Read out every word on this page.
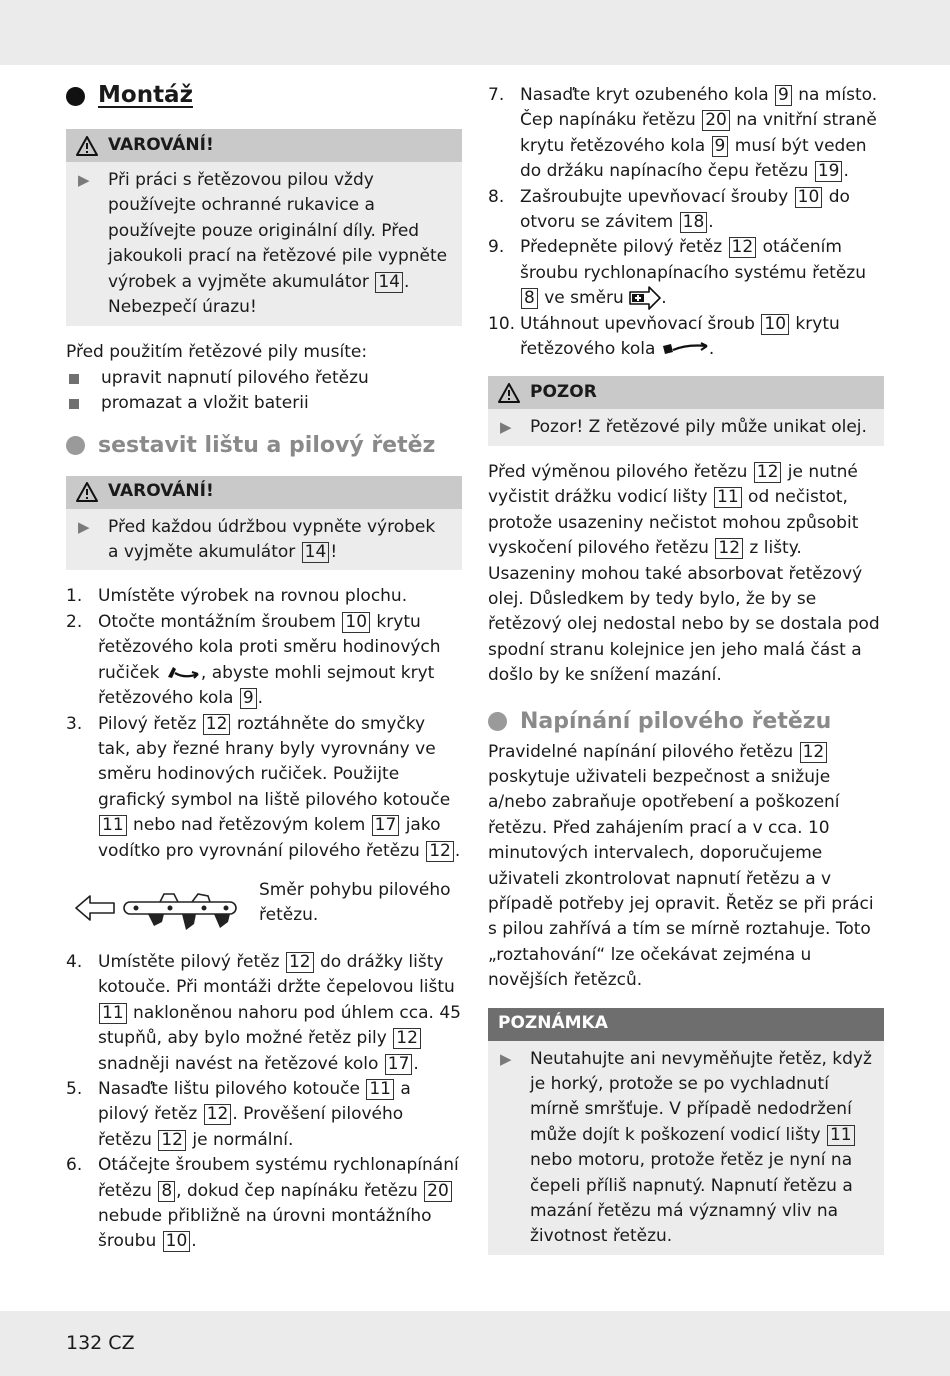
Montáž
VAROVÁNÍ!
▶	Při práci s řetězovou pilou vždy používejte ochranné rukavice a používejte pouze originální díly. Před jakoukoli prací na řetězové pile vypněte výrobek a vyjměte akumulátor 14 . Nebezpečí úrazu!

Před použitím řetězové pily musíte:

upravit napnutí pilového řetězu
promazat a vložit baterii
sestavit lištu a pilový řetěz
VAROVÁNÍ!
▶	Před každou údržbou vypněte výrobek a vyjměte akumulátor 14 !
1. Umístěte výrobek na rovnou plochu.
2. Otočte montážním šroubem 10 krytu řetězového kola proti směru hodinových ručiček , abyste mohli sejmout kryt řetězového kola 9 .
3. Pilový řetěz 12 roztáhněte do smyčky tak, aby řezné hrany byly vyrovnány ve směru hodinových ručiček. Použijte grafický symbol na liště pilového kotouče 11 nebo nad řetězovým kolem 17 jako vodítko pro vyrovnání pilového řetězu 12 .
Směr pohybu pilového řetězu.
4. Umístěte pilový řetěz 12 do drážky lišty kotouče. Při montáži držte čepelovou lištu 11 nakloněnou nahoru pod úhlem cca. 45 stupňů, aby bylo možné řetěz pily 12 snadněji navést na řetězové kolo 17 .
5. Nasaďte lištu pilového kotouče 11 a pilový řetěz 12 . Prověšení pilového řetězu 12 je normální.
6. Otáčejte šroubem systému rychlonapínání řetězu 8 , dokud čep napínáku řetězu 20 nebude přibližně na úrovni montážního šroubu 10 .
7. Nasaďte kryt ozubeného kola 9 na místo. Čep napínáku řetězu 20 na vnitřní straně krytu řetězového kola 9 musí být veden do držáku napínacího čepu řetězu 19 .
8. Zašroubujte upevňovací šrouby 10 do otvoru se závitem 18 .
9. Předepněte pilový řetěz 12 otáčením šroubu rychlonapínacího systému řetězu 8 ve směru .
10. Utáhnout upevňovací šroub 10 krytu řetězového kola	.
POZOR
▶	Pozor! Z řetězové pily může unikat olej.

Před výměnou pilového řetězu 12 je nutné vyčistit drážku vodicí lišty 11 od nečistot, protože usazeniny nečistot mohou způsobit vyskočení pilového řetězu 12 z lišty. Usazeniny mohou také absorbovat řetězový olej. Důsledkem by tedy bylo, že by se řetězový olej nedostal nebo by se dostala pod spodní stranu kolejnice jen jeho malá část a došlo by ke snížení mazání.

Napínání pilového řetězu

Pravidelné napínání pilového řetězu 12 poskytuje uživateli bezpečnost a snižuje a/nebo zabraňuje opotřebení a poškození řetězu. Před zahájením prací a v cca. 10 minutových intervalech, doporučujeme uživateli zkontrolovat napnutí řetězu a v případě potřeby jej opravit. Řetěz se při práci s pilou zahřívá a tím se mírně roztahuje. Toto „roztahování“ lze očekávat zejména u novějších řetězců.

POZNÁMKA
▶	Neutahujte ani nevyměňujte řetěz, když je horký, protože se po vychladnutí mírně smršťuje. V případě nedodržení může dojít k poškození vodicí lišty 11 nebo motoru, protože řetěz je nyní na čepeli příliš napnutý. Napnutí řetězu a mazání řetězu má významný vliv na životnost řetězu.
132 CZ
